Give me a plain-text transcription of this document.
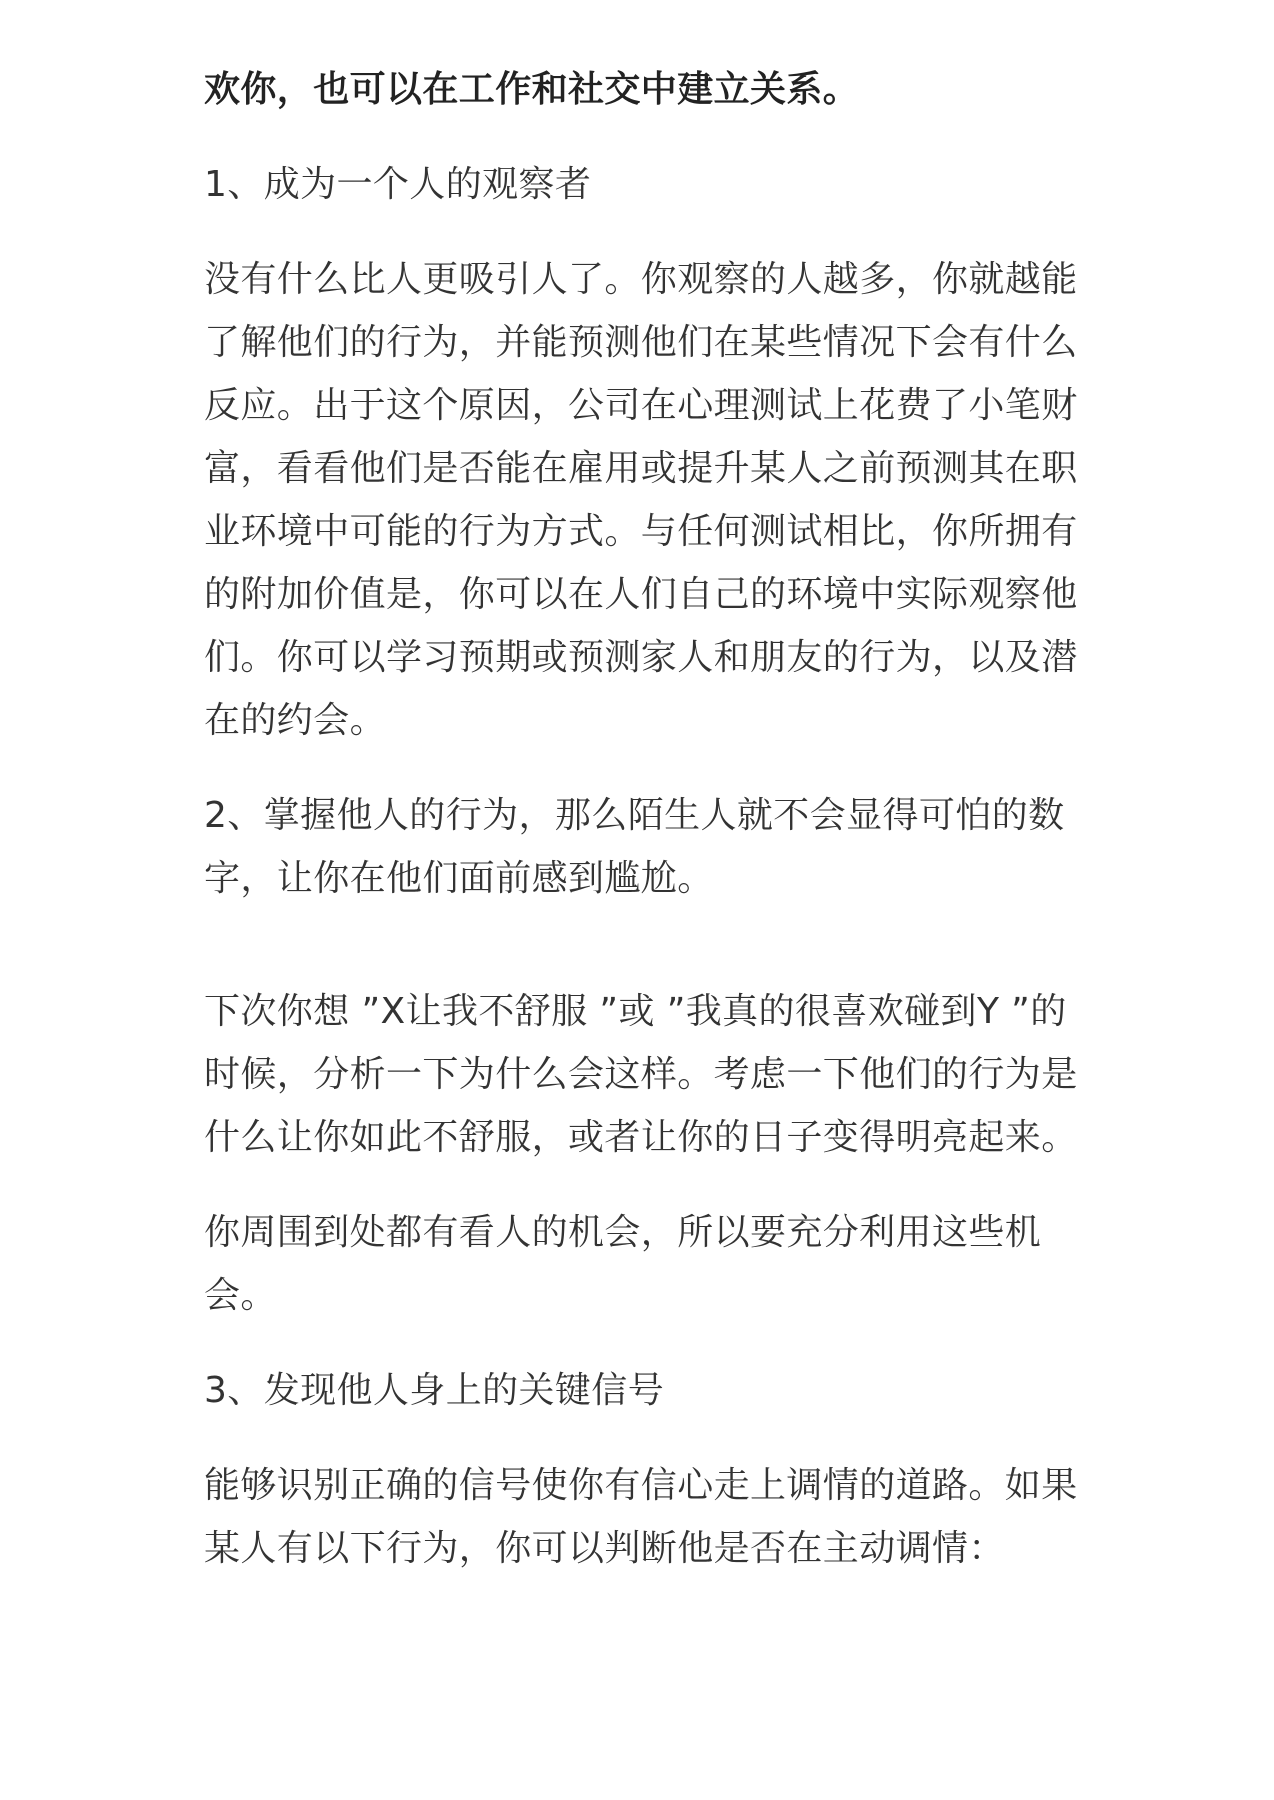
欢你，也可以在工作和社交中建立关系。

1、成为一个人的观察者

没有什么比人更吸引人了。你观察的人越多，你就越能了解他们的行为，并能预测他们在某些情况下会有什么反应。出于这个原因，公司在心理测试上花费了小笔财富，看看他们是否能在雇用或提升某人之前预测其在职业环境中可能的行为方式。与任何测试相比，你所拥有的附加价值是，你可以在人们自己的环境中实际观察他们。你可以学习预期或预测家人和朋友的行为，以及潜在的约会。

2、掌握他人的行为，那么陌生人就不会显得可怕的数字，让你在他们面前感到尴尬。

下次你想 ”X让我不舒服 ”或 ”我真的很喜欢碰到Y ”的时候，分析一下为什么会这样。考虑一下他们的行为是什么让你如此不舒服，或者让你的日子变得明亮起来。

你周围到处都有看人的机会，所以要充分利用这些机会。

3、发现他人身上的关键信号

能够识别正确的信号使你有信心走上调情的道路。如果某人有以下行为，你可以判断他是否在主动调情：
